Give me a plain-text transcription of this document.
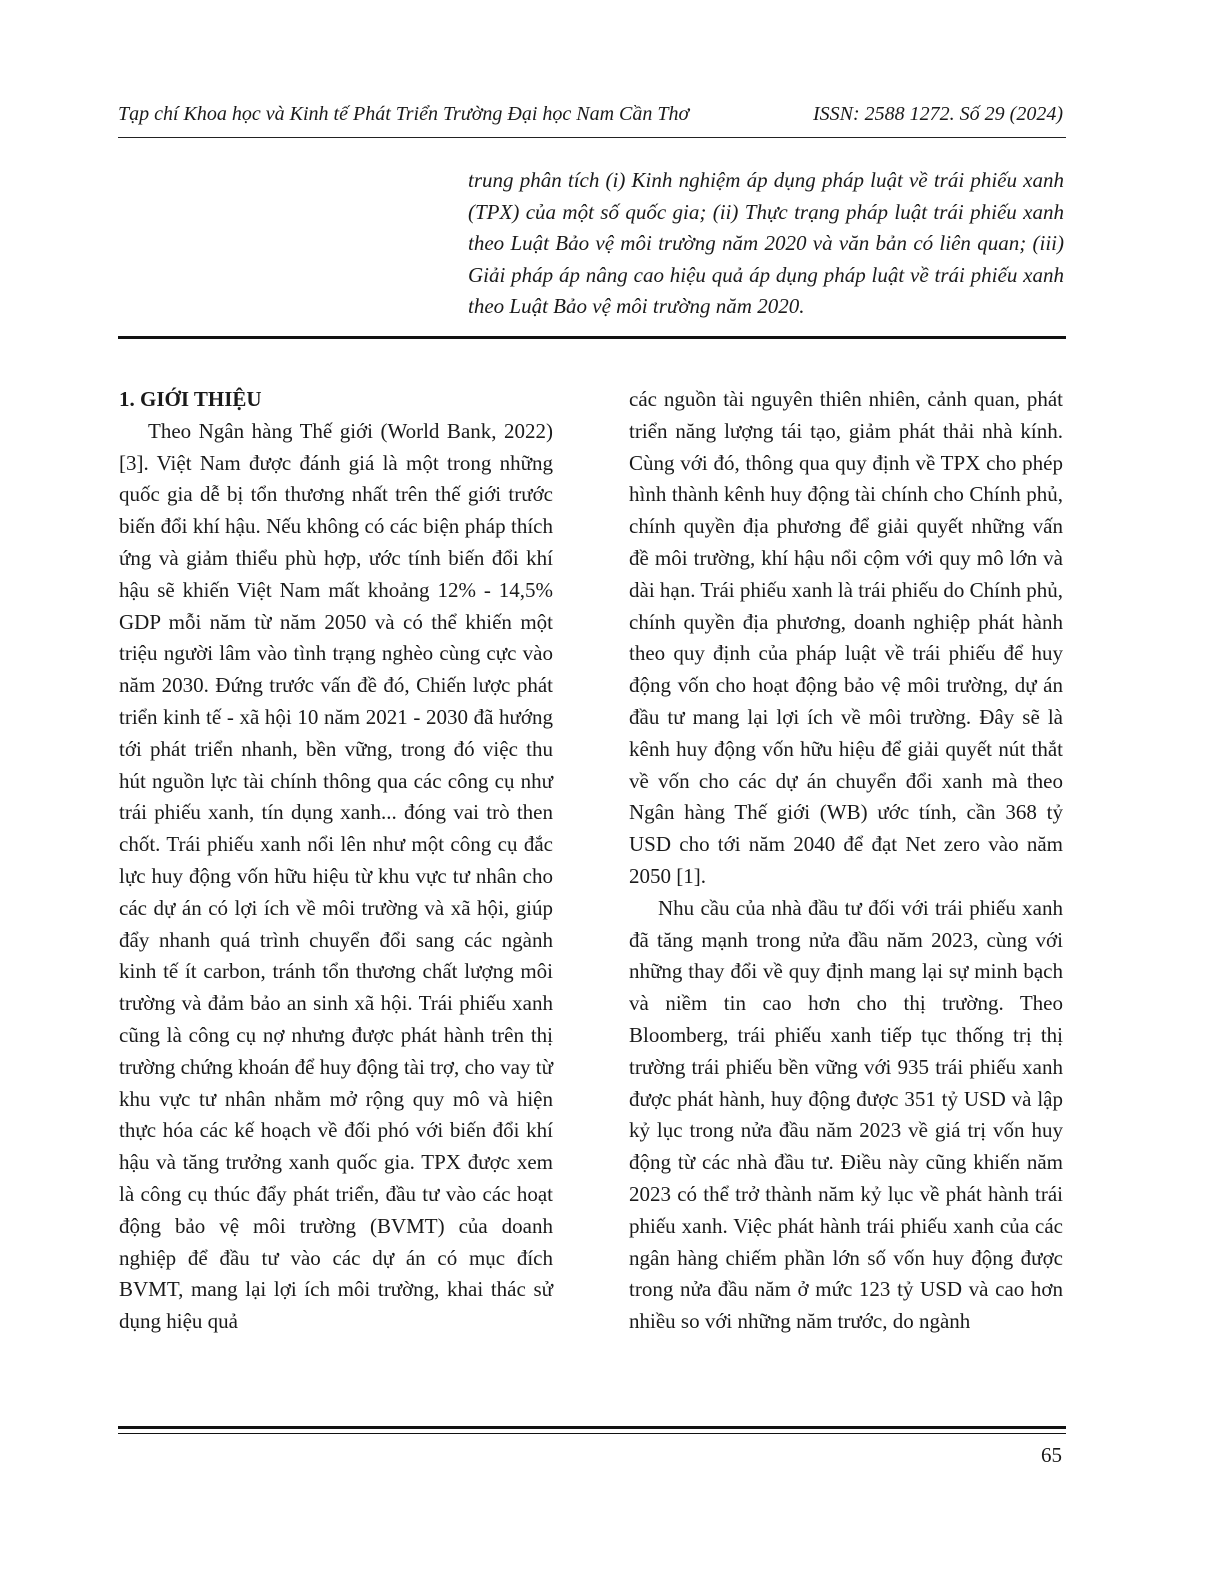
Tạp chí Khoa học và Kinh tế Phát Triển Trường Đại học Nam Cần Thơ	ISSN: 2588 1272. Số 29 (2024)
trung phân tích (i) Kinh nghiệm áp dụng pháp luật về trái phiếu xanh (TPX) của một số quốc gia; (ii) Thực trạng pháp luật trái phiếu xanh theo Luật Bảo vệ môi trường năm 2020 và văn bản có liên quan; (iii) Giải pháp áp nâng cao hiệu quả áp dụng pháp luật về trái phiếu xanh theo Luật Bảo vệ môi trường năm 2020.

1. GIỚI THIỆU

Theo Ngân hàng Thế giới (World Bank, 2022) [3]. Việt Nam được đánh giá là một trong những quốc gia dễ bị tổn thương nhất trên thế giới trước biến đổi khí hậu. Nếu không có các biện pháp thích ứng và giảm thiểu phù hợp, ước tính biến đổi khí hậu sẽ khiến Việt Nam mất khoảng 12% - 14,5% GDP mỗi năm từ năm 2050 và có thể khiến một triệu người lâm vào tình trạng nghèo cùng cực vào năm 2030. Đứng trước vấn đề đó, Chiến lược phát triển kinh tế - xã hội 10 năm 2021 - 2030 đã hướng tới phát triển nhanh, bền vững, trong đó việc thu hút nguồn lực tài chính thông qua các công cụ như trái phiếu xanh, tín dụng xanh... đóng vai trò then chốt. Trái phiếu xanh nổi lên như một công cụ đắc lực huy động vốn hữu hiệu từ khu vực tư nhân cho các dự án có lợi ích về môi trường và xã hội, giúp đẩy nhanh quá trình chuyển đổi sang các ngành kinh tế ít carbon, tránh tổn thương chất lượng môi trường và đảm bảo an sinh xã hội. Trái phiếu xanh cũng là công cụ nợ nhưng được phát hành trên thị trường chứng khoán để huy động tài trợ, cho vay từ khu vực tư nhân nhằm mở rộng quy mô và hiện thực hóa các kế hoạch về đối phó với biến đổi khí hậu và tăng trưởng xanh quốc gia. TPX được xem là công cụ thúc đẩy phát triển, đầu tư vào các hoạt động bảo vệ môi trường (BVMT) của doanh nghiệp để đầu tư vào các dự án có mục đích BVMT, mang lại lợi ích môi trường, khai thác sử dụng hiệu quả

các nguồn tài nguyên thiên nhiên, cảnh quan, phát triển năng lượng tái tạo, giảm phát thải nhà kính. Cùng với đó, thông qua quy định về TPX cho phép hình thành kênh huy động tài chính cho Chính phủ, chính quyền địa phương để giải quyết những vấn đề môi trường, khí hậu nổi cộm với quy mô lớn và dài hạn. Trái phiếu xanh là trái phiếu do Chính phủ, chính quyền địa phương, doanh nghiệp phát hành theo quy định của pháp luật về trái phiếu để huy động vốn cho hoạt động bảo vệ môi trường, dự án đầu tư mang lại lợi ích về môi trường. Đây sẽ là kênh huy động vốn hữu hiệu để giải quyết nút thắt về vốn cho các dự án chuyển đổi xanh mà theo Ngân hàng Thế giới (WB) ước tính, cần 368 tỷ USD cho tới năm 2040 để đạt Net zero vào năm 2050 [1].

Nhu cầu của nhà đầu tư đối với trái phiếu xanh đã tăng mạnh trong nửa đầu năm 2023, cùng với những thay đổi về quy định mang lại sự minh bạch và niềm tin cao hơn cho thị trường. Theo Bloomberg, trái phiếu xanh tiếp tục thống trị thị trường trái phiếu bền vững với 935 trái phiếu xanh được phát hành, huy động được 351 tỷ USD và lập kỷ lục trong nửa đầu năm 2023 về giá trị vốn huy động từ các nhà đầu tư. Điều này cũng khiến năm 2023 có thể trở thành năm kỷ lục về phát hành trái phiếu xanh. Việc phát hành trái phiếu xanh của các ngân hàng chiếm phần lớn số vốn huy động được trong nửa đầu năm ở mức 123 tỷ USD và cao hơn nhiều so với những năm trước, do ngành

65
